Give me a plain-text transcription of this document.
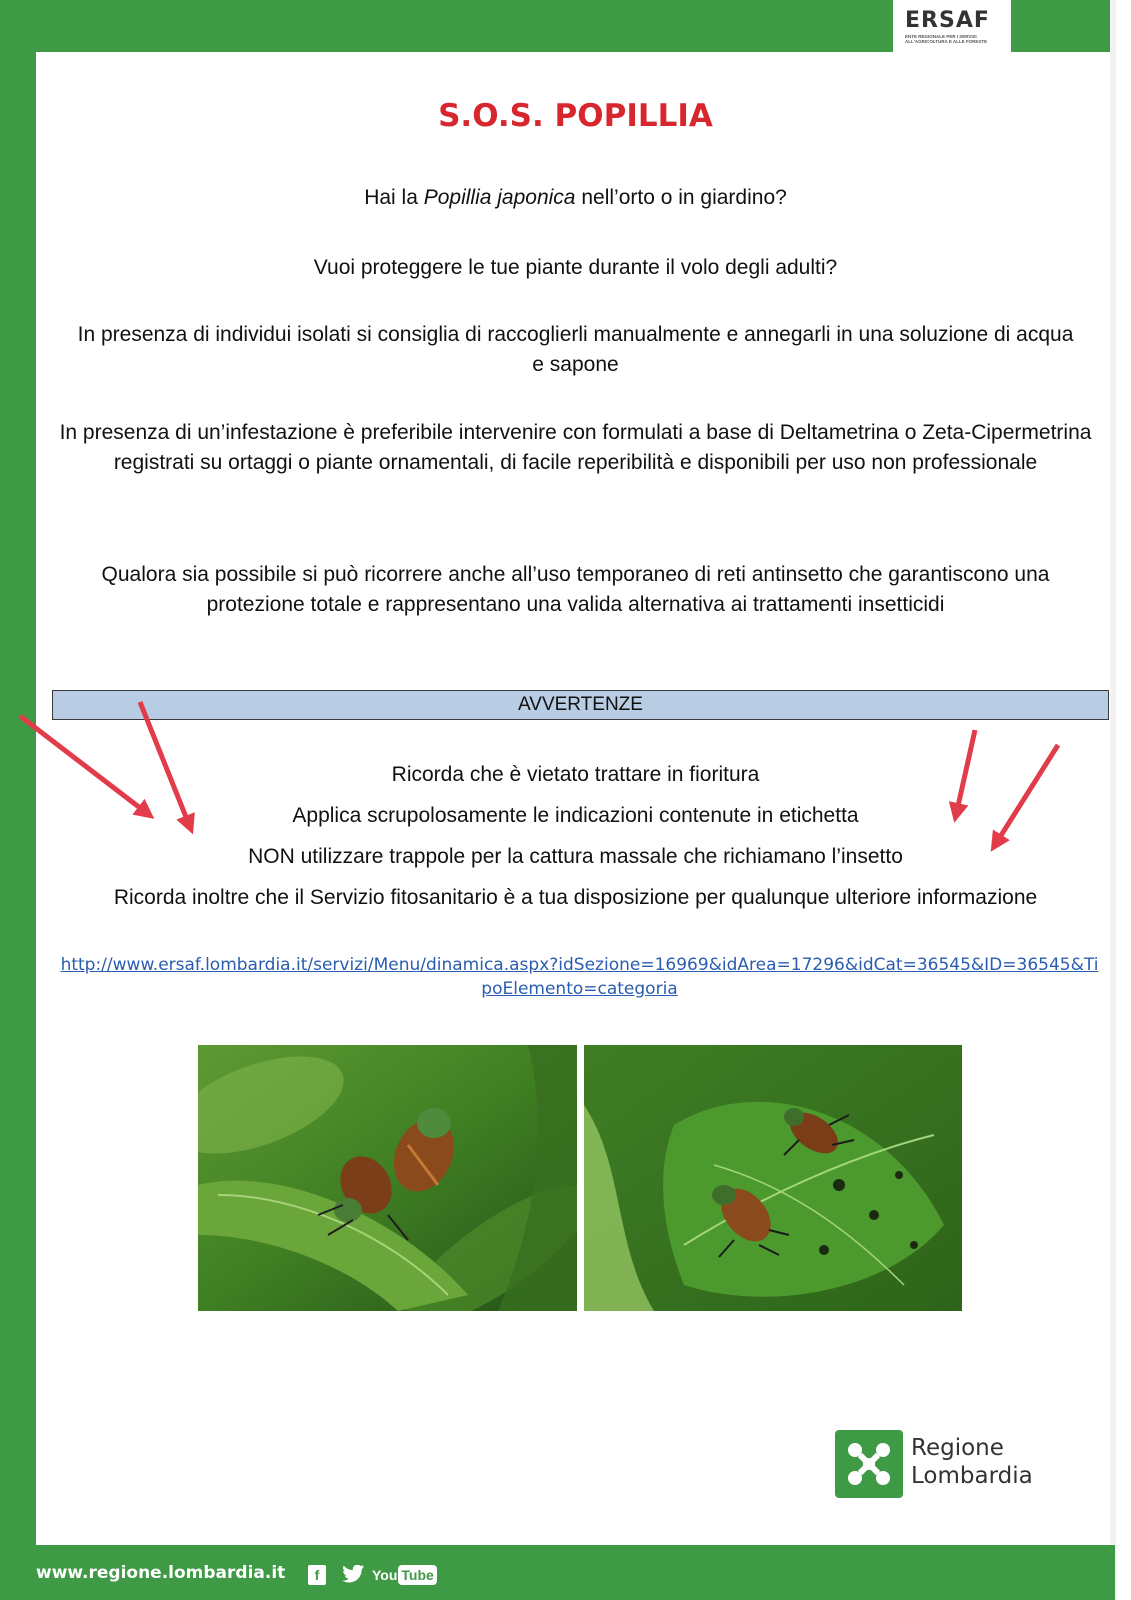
ERSAF
ENTE REGIONALE PER I SERVIZI ALL'AGRICOLTURA E ALLE FORESTE
S.O.S. POPILLIA

Hai la Popillia japonica nell’orto o in giardino?

Vuoi proteggere le tue piante durante il volo degli adulti?

In presenza di individui isolati si consiglia di raccoglierli manualmente e annegarli in una soluzione di acqua e sapone

In presenza di un’infestazione è preferibile intervenire con formulati a base di Deltametrina o Zeta-Cipermetrina registrati su ortaggi o piante ornamentali, di facile reperibilità e disponibili per uso non professionale

Qualora sia possibile si può ricorrere anche all’uso temporaneo di reti antinsetto che garantiscono una protezione totale e rappresentano una valida alternativa ai trattamenti insetticidi

AVVERTENZE

Ricorda che è vietato trattare in fioritura

Applica scrupolosamente le indicazioni contenute in etichetta

NON utilizzare trappole per la cattura massale che richiamano l’insetto

Ricorda inoltre che il Servizio fitosanitario è a tua disposizione per qualunque ulteriore informazione

http://www.ersaf.lombardia.it/servizi/Menu/dinamica.aspx?idSezione=16969&idArea=17296&idCat=36545&ID=36545&TipoElemento=categoria
Regione
Lombardia
www.regione.lombardia.it	f	You Tube
